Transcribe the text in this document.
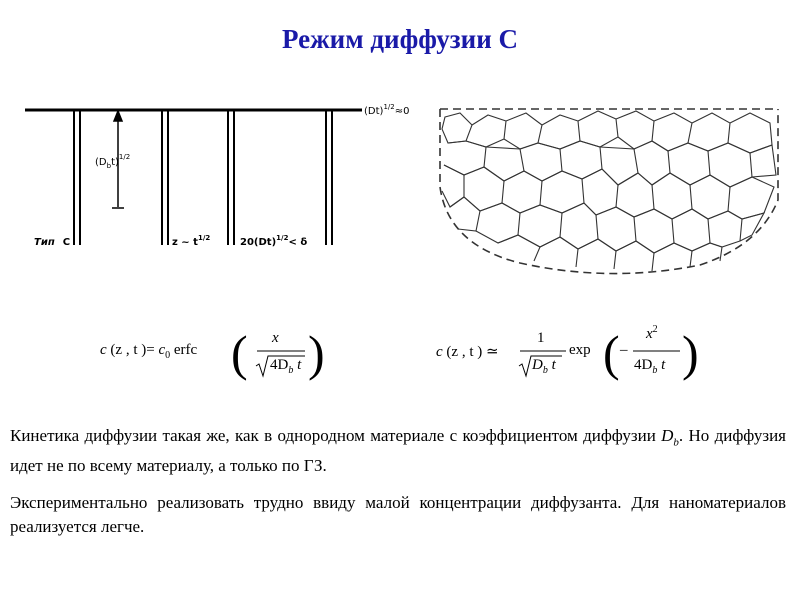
Режим диффузии С
$(D_bt)^{1/2}$
$(Dt)^{1/2}\approx 0$
Тип C	z ~ $t^{1/2}$	$20(Dt)^{1/2}< \delta$
c (z , t )= $c_0$ erfc ( x
$4D_b$ t )	c (z , t ) ≃
1
$D_b$ t
exp ( –
$x^2$
$4D_b$ t )

Кинетика диффузии такая же, как в однородном материале с коэффициентом диффузии $D_b$. Но диффузия идет не по всему материалу, а только по ГЗ.

Экспериментально реализовать трудно ввиду малой концентрации диффузанта. Для наноматериалов реализуется легче.
